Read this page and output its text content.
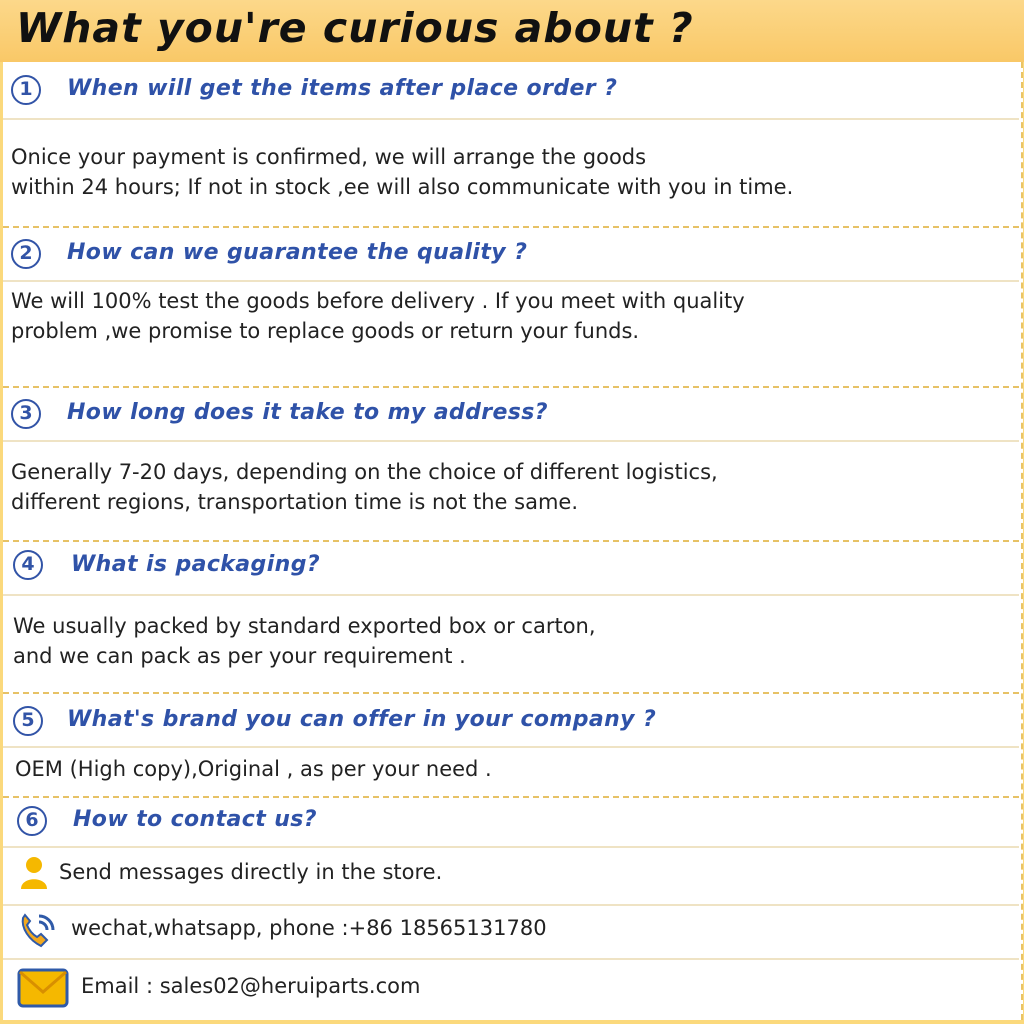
What you're curious about ?
1	When will get the items after place order ?
Onice your payment is confirmed, we will arrange the goods
within 24 hours; If not in stock ,ee will also communicate with you in time.
2	How can we guarantee the quality ?
We will 100% test the goods before delivery . If you meet with quality
problem ,we promise to replace goods or return your funds.
3	How long does it take to my address?
Generally 7-20 days, depending on the choice of different logistics,
different regions, transportation time is not the same.
4	What is packaging?
We usually packed by standard exported box or carton,
and we can pack as per your requirement .
5	What's brand you can offer in your company ?
OEM (High copy),Original , as per your need .
6	How to contact us?
Send messages directly in the store.
wechat,whatsapp, phone :+86 18565131780
Email : sales02@heruiparts.com
